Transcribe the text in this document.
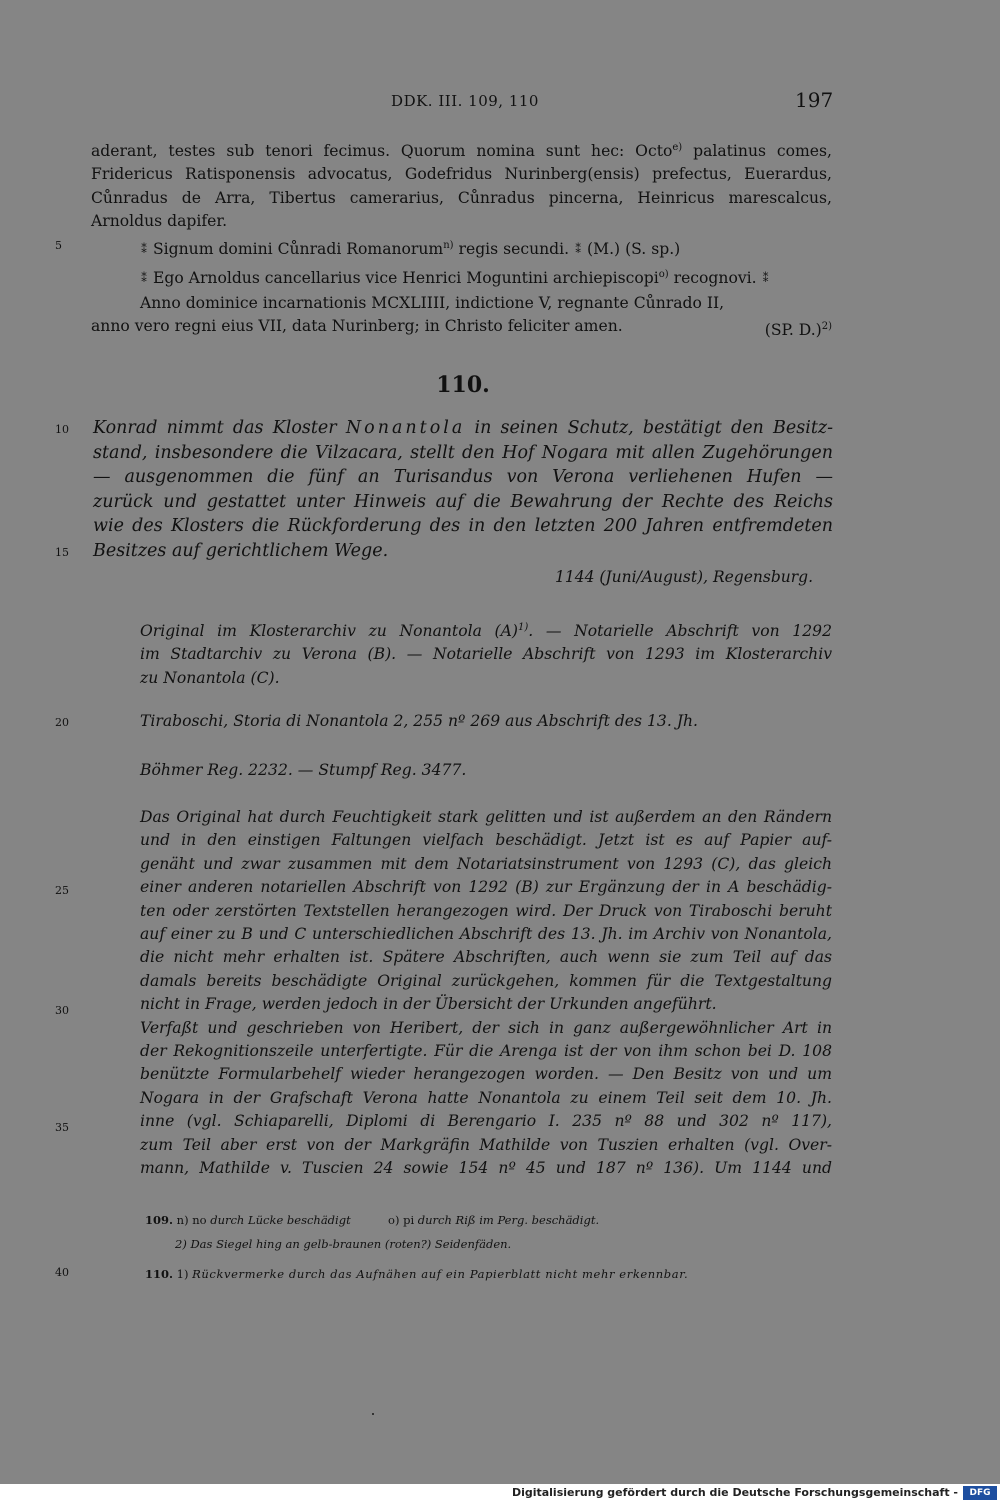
DDK. III. 109, 110	197
aderant, testes sub tenori fecimus. Quorum nomina sunt hec: Octo$^{e)}$ palatinus comes,
Fridericus Ratisponensis advocatus, Godefridus Nurinberg(ensis) prefectus, Euerardus,
Cůnradus de Arra, Tibertus camerarius, Cůnradus pincerna, Heinricus marescalcus,
Arnoldus dapifer.
⁑ Signum domini Cůnradi Romanorum$^{n)}$ regis secundi. ⁑ (M.) (S. sp.)
⁑ Ego Arnoldus cancellarius vice Henrici Moguntini archiepiscopi$^{o)}$ recognovi. ⁑
Anno dominice incarnationis MCXLIIII, indictione V, regnante Cůnrado II,
anno vero regni eius VII, data Nurinberg; in Christo feliciter amen.	(SP. D.)$^{2)}$
5
10
15
20
25
30
35
40
110.
Konrad nimmt das Kloster Nonantola in seinen Schutz, bestätigt den Besitz-
stand, insbesondere die Vilzacara, stellt den Hof Nogara mit allen Zugehörungen
— ausgenommen die fünf an Turisandus von Verona verliehenen Hufen —
zurück und gestattet unter Hinweis auf die Bewahrung der Rechte des Reichs
wie des Klosters die Rückforderung des in den letzten 200 Jahren entfremdeten
Besitzes auf gerichtlichem Wege.
1144 (Juni/August), Regensburg.
Original im Klosterarchiv zu Nonantola $(A)^{1)}$. — Notarielle Abschrift von 1292
im Stadtarchiv zu Verona (B). — Notarielle Abschrift von 1293 im Klosterarchiv
zu Nonantola (C).
Tiraboschi, Storia di Nonantola 2, 255 nº 269 aus Abschrift des 13. Jh.
Böhmer Reg. 2232. — Stumpf Reg. 3477.
Das Original hat durch Feuchtigkeit stark gelitten und ist außerdem an den Rändern
und in den einstigen Faltungen vielfach beschädigt. Jetzt ist es auf Papier auf-
genäht und zwar zusammen mit dem Notariatsinstrument von 1293 (C), das gleich
einer anderen notariellen Abschrift von 1292 (B) zur Ergänzung der in A beschädig-
ten oder zerstörten Textstellen herangezogen wird. Der Druck von Tiraboschi beruht
auf einer zu B und C unterschiedlichen Abschrift des 13. Jh. im Archiv von Nonantola,
die nicht mehr erhalten ist. Spätere Abschriften, auch wenn sie zum Teil auf das
damals bereits beschädigte Original zurückgehen, kommen für die Textgestaltung
nicht in Frage, werden jedoch in der Übersicht der Urkunden angeführt.
Verfaßt und geschrieben von Heribert, der sich in ganz außergewöhnlicher Art in
der Rekognitionszeile unterfertigte. Für die Arenga ist der von ihm schon bei D. 108
benützte Formularbehelf wieder herangezogen worden. — Den Besitz von und um
Nogara in der Grafschaft Verona hatte Nonantola zu einem Teil seit dem 10. Jh.
inne (vgl. Schiaparelli, Diplomi di Berengario I. 235 nº 88 und 302 nº 117),
zum Teil aber erst von der Markgräfin Mathilde von Tuszien erhalten (vgl. Over-
mann, Mathilde v. Tuscien 24 sowie 154 nº 45 und 187 nº 136). Um 1144 und
109. n) no durch Lücke beschädigt	o) pi durch Riß im Perg. beschädigt.
2) Das Siegel hing an gelb-braunen (roten?) Seidenfäden.
110. 1) Rückvermerke durch das Aufnähen auf ein Papierblatt nicht mehr erkennbar.
Digitalisierung gefördert durch die Deutsche Forschungsgemeinschaft -	DFG
